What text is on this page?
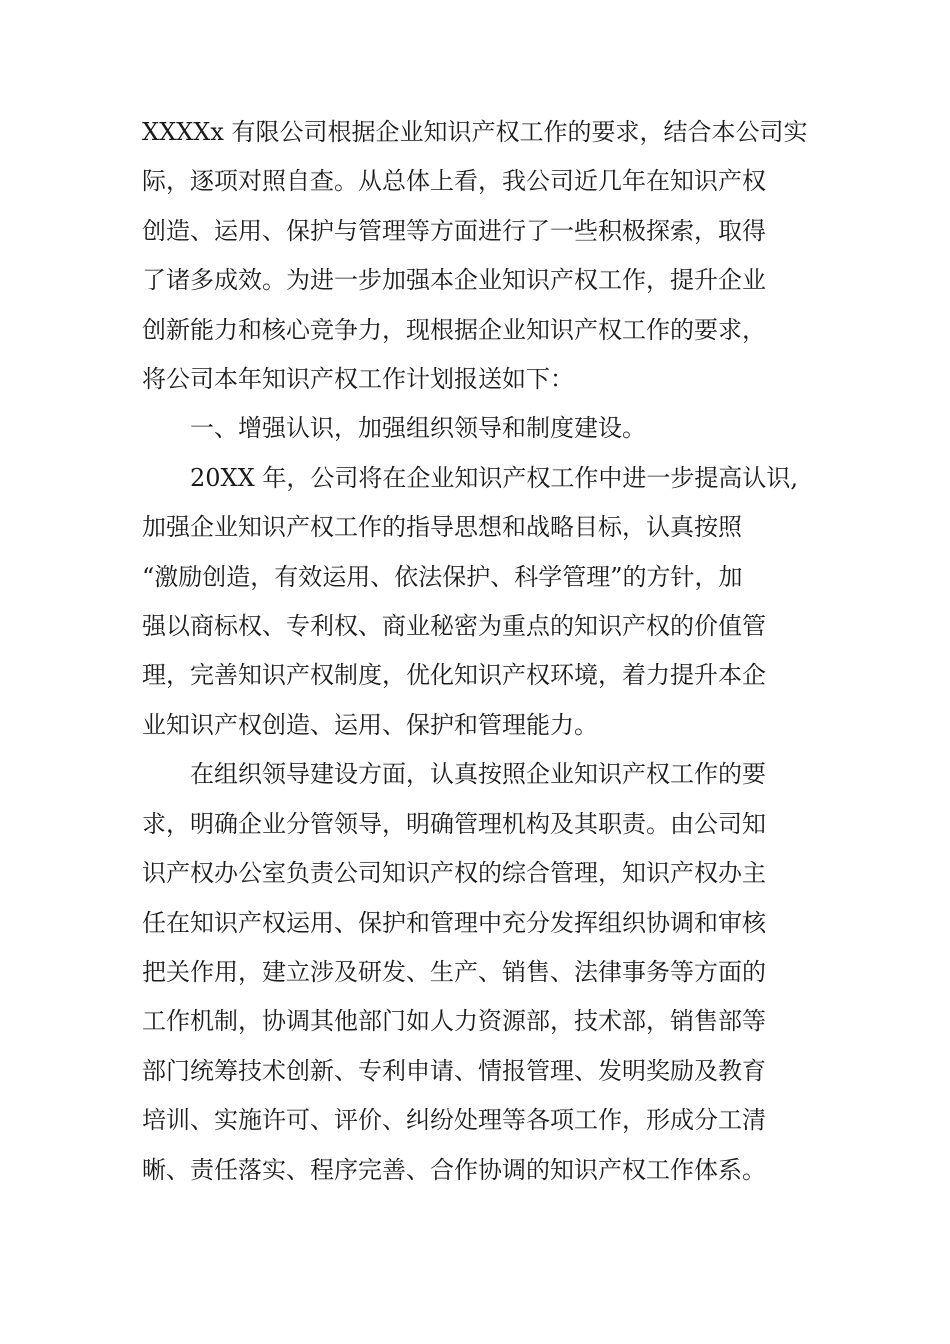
XXXXx 有限公司根据企业知识产权工作的要求，结合本公司实
际，逐项对照自查。从总体上看，我公司近几年在知识产权
创造、运用、保护与管理等方面进行了一些积极探索，取得
了诸多成效。为进一步加强本企业知识产权工作，提升企业
创新能力和核心竞争力，现根据企业知识产权工作的要求，
将公司本年知识产权工作计划报送如下：

一、增强认识，加强组织领导和制度建设。

20XX 年，公司将在企业知识产权工作中进一步提高认识,
加强企业知识产权工作的指导思想和战略目标，认真按照
“激励创造，有效运用、依法保护、科学管理”的方针，加
强以商标权、专利权、商业秘密为重点的知识产权的价值管
理，完善知识产权制度，优化知识产权环境，着力提升本企
业知识产权创造、运用、保护和管理能力。

在组织领导建设方面，认真按照企业知识产权工作的要
求，明确企业分管领导，明确管理机构及其职责。由公司知
识产权办公室负责公司知识产权的综合管理，知识产权办主
任在知识产权运用、保护和管理中充分发挥组织协调和审核
把关作用，建立涉及研发、生产、销售、法律事务等方面的
工作机制，协调其他部门如人力资源部，技术部，销售部等
部门统筹技术创新、专利申请、情报管理、发明奖励及教育
培训、实施许可、评价、纠纷处理等各项工作，形成分工清
晰、责任落实、程序完善、合作协调的知识产权工作体系。
